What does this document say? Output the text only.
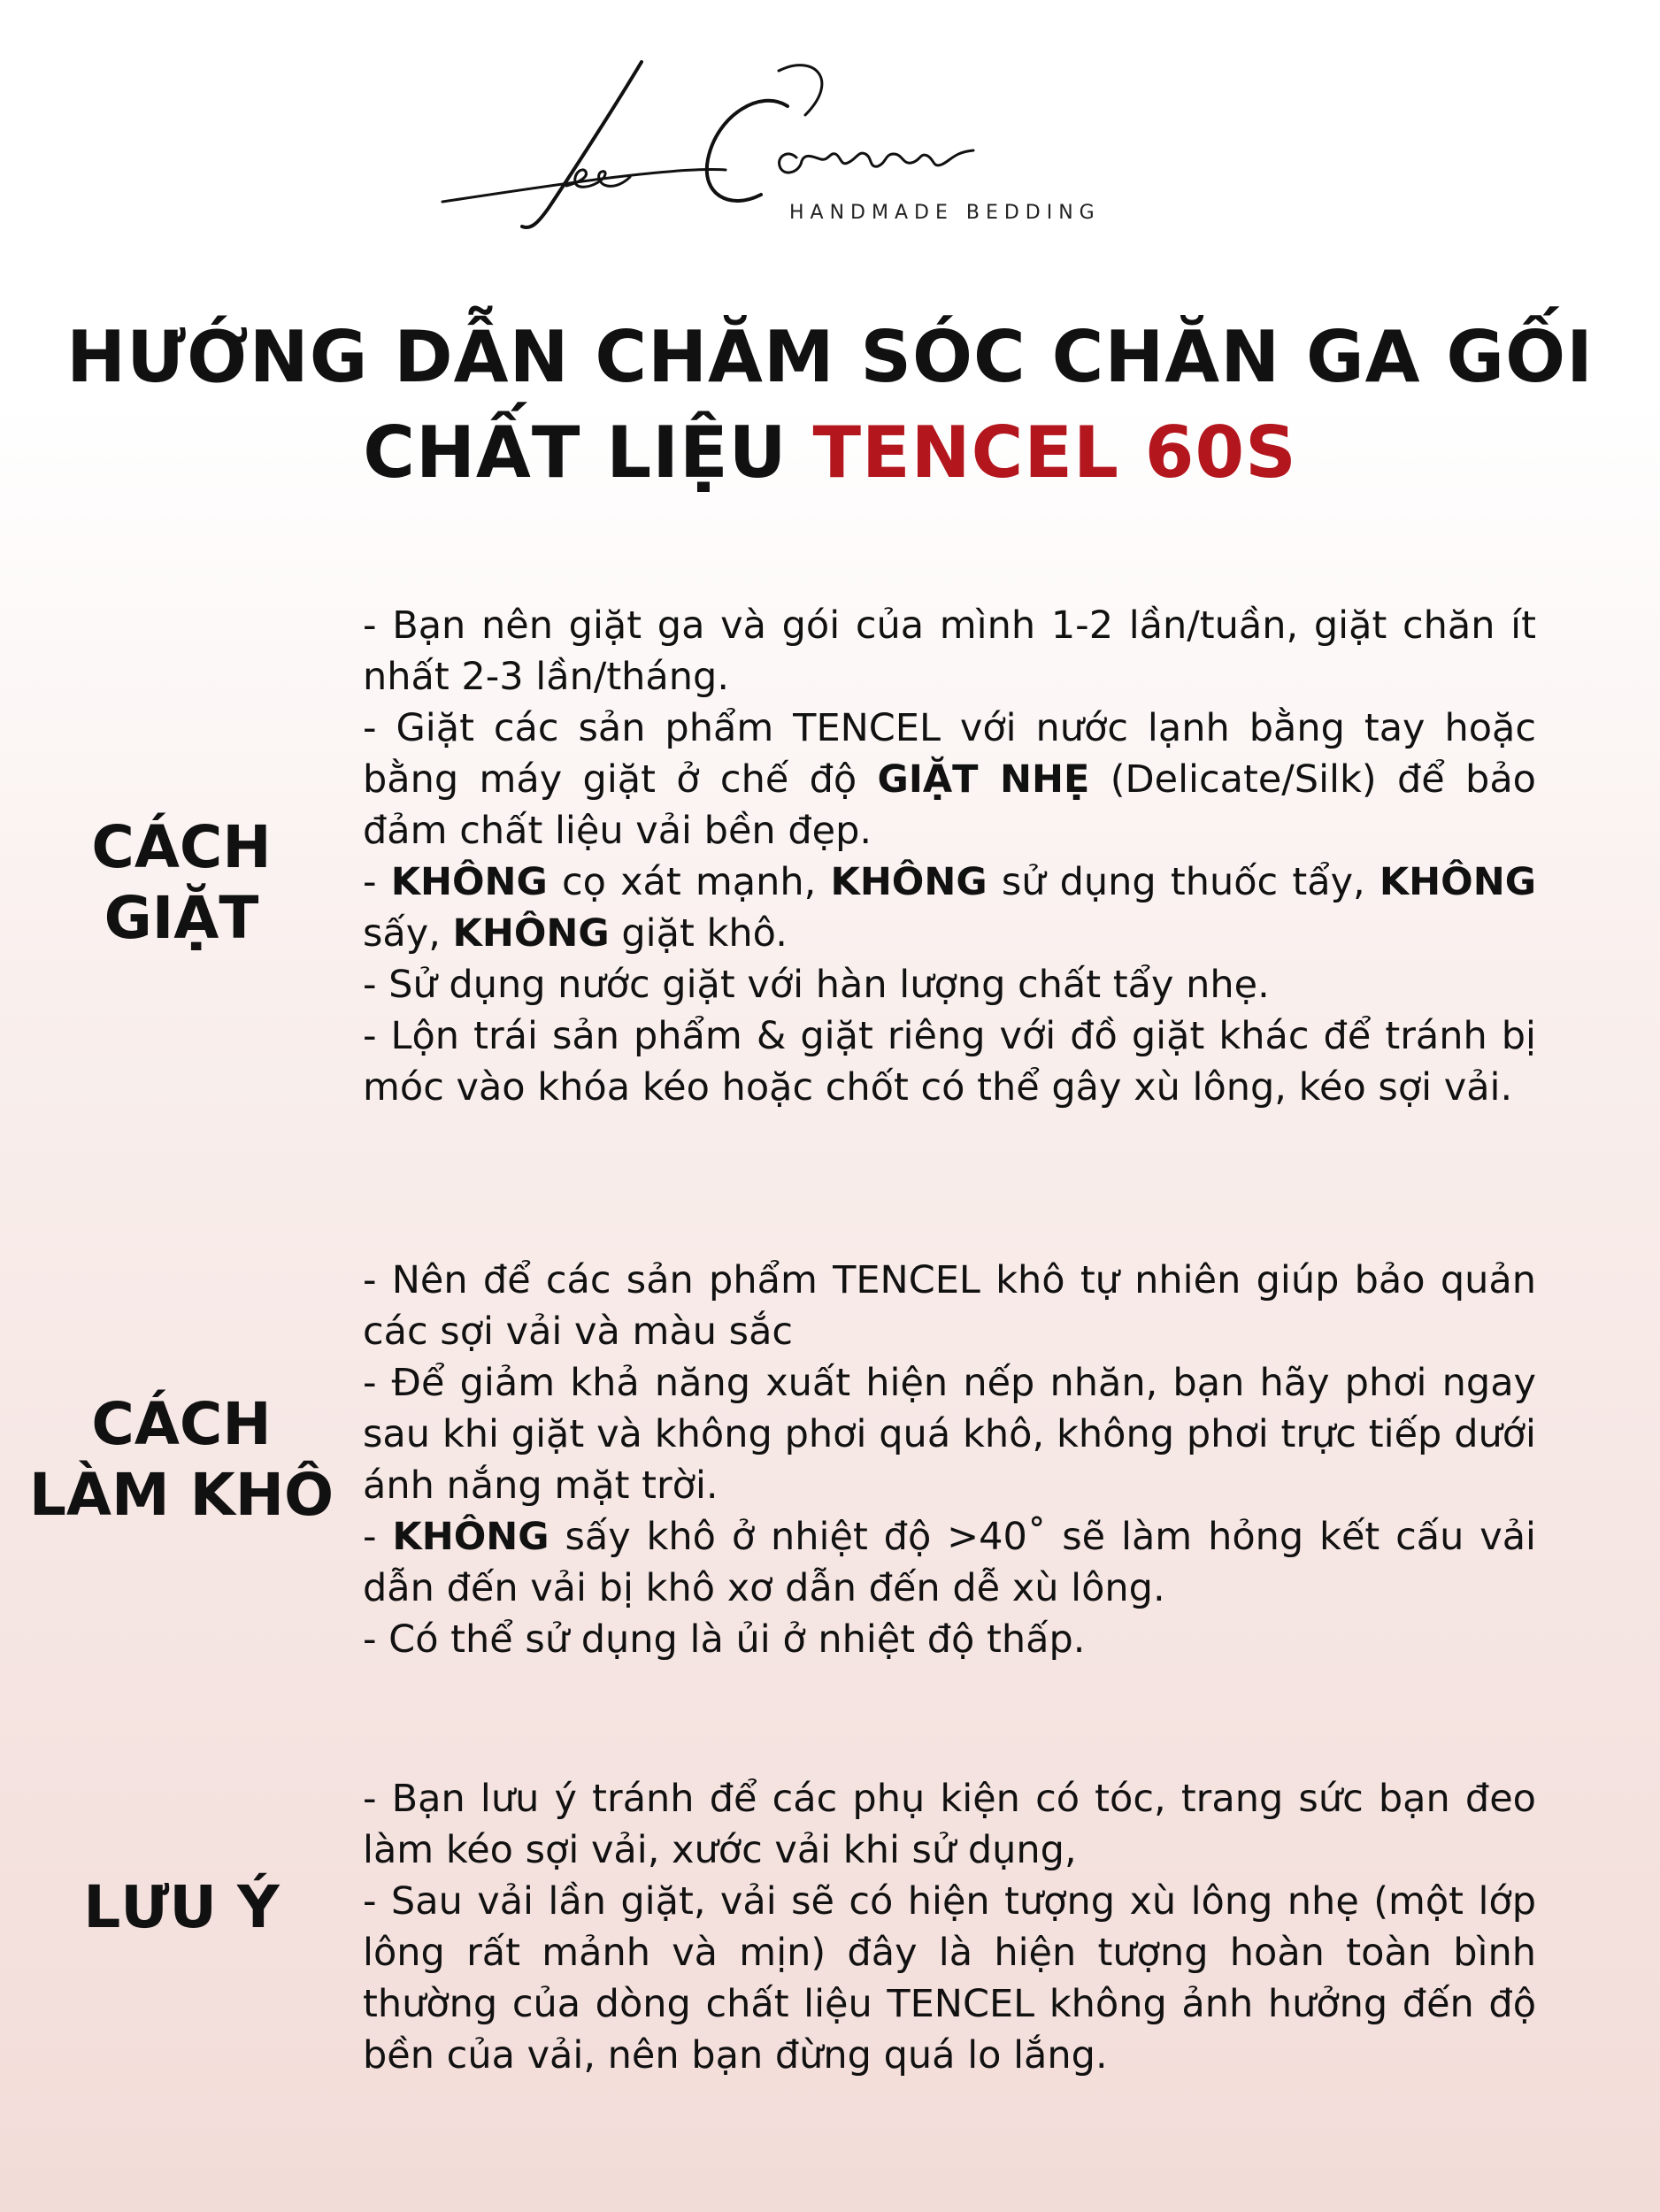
HANDMADE BEDDING
HƯỚNG DẪN CHĂM SÓC CHĂN GA GỐI
CHẤT LIỆU TENCEL 60S
CÁCH
GIẶT

- Bạn nên giặt ga và gói của mình 1-2 lần/tuần, giặt chăn ít nhất 2-3 lần/tháng.

- Giặt các sản phẩm TENCEL với nước lạnh bằng tay hoặc bằng máy giặt ở chế độ GIẶT NHẸ (Delicate/Silk) để bảo đảm chất liệu vải bền đẹp.

- KHÔNG cọ xát mạnh, KHÔNG sử dụng thuốc tẩy, KHÔNG sấy, KHÔNG giặt khô.

- Sử dụng nước giặt với hàn lượng chất tẩy nhẹ.

- Lộn trái sản phẩm & giặt riêng với đồ giặt khác để tránh bị móc vào khóa kéo hoặc chốt có thể gây xù lông, kéo sợi vải.

CÁCH
LÀM KHÔ

- Nên để các sản phẩm TENCEL khô tự nhiên giúp bảo quản các sợi vải và màu sắc

- Để giảm khả năng xuất hiện nếp nhăn, bạn hãy phơi ngay sau khi giặt và không phơi quá khô, không phơi trực tiếp dưới ánh nắng mặt trời.

- KHÔNG sấy khô ở nhiệt độ >40˚ sẽ làm hỏng kết cấu vải dẫn đến vải bị khô xơ dẫn đến dễ xù lông.

- Có thể sử dụng là ủi ở nhiệt độ thấp.

LƯU Ý

- Bạn lưu ý tránh để các phụ kiện có tóc, trang sức bạn đeo làm kéo sợi vải, xước vải khi sử dụng,

- Sau vải lần giặt, vải sẽ có hiện tượng xù lông nhẹ (một lớp lông rất mảnh và mịn) đây là hiện tượng hoàn toàn bình thường của dòng chất liệu TENCEL không ảnh hưởng đến độ bền của vải, nên bạn đừng quá lo lắng.
